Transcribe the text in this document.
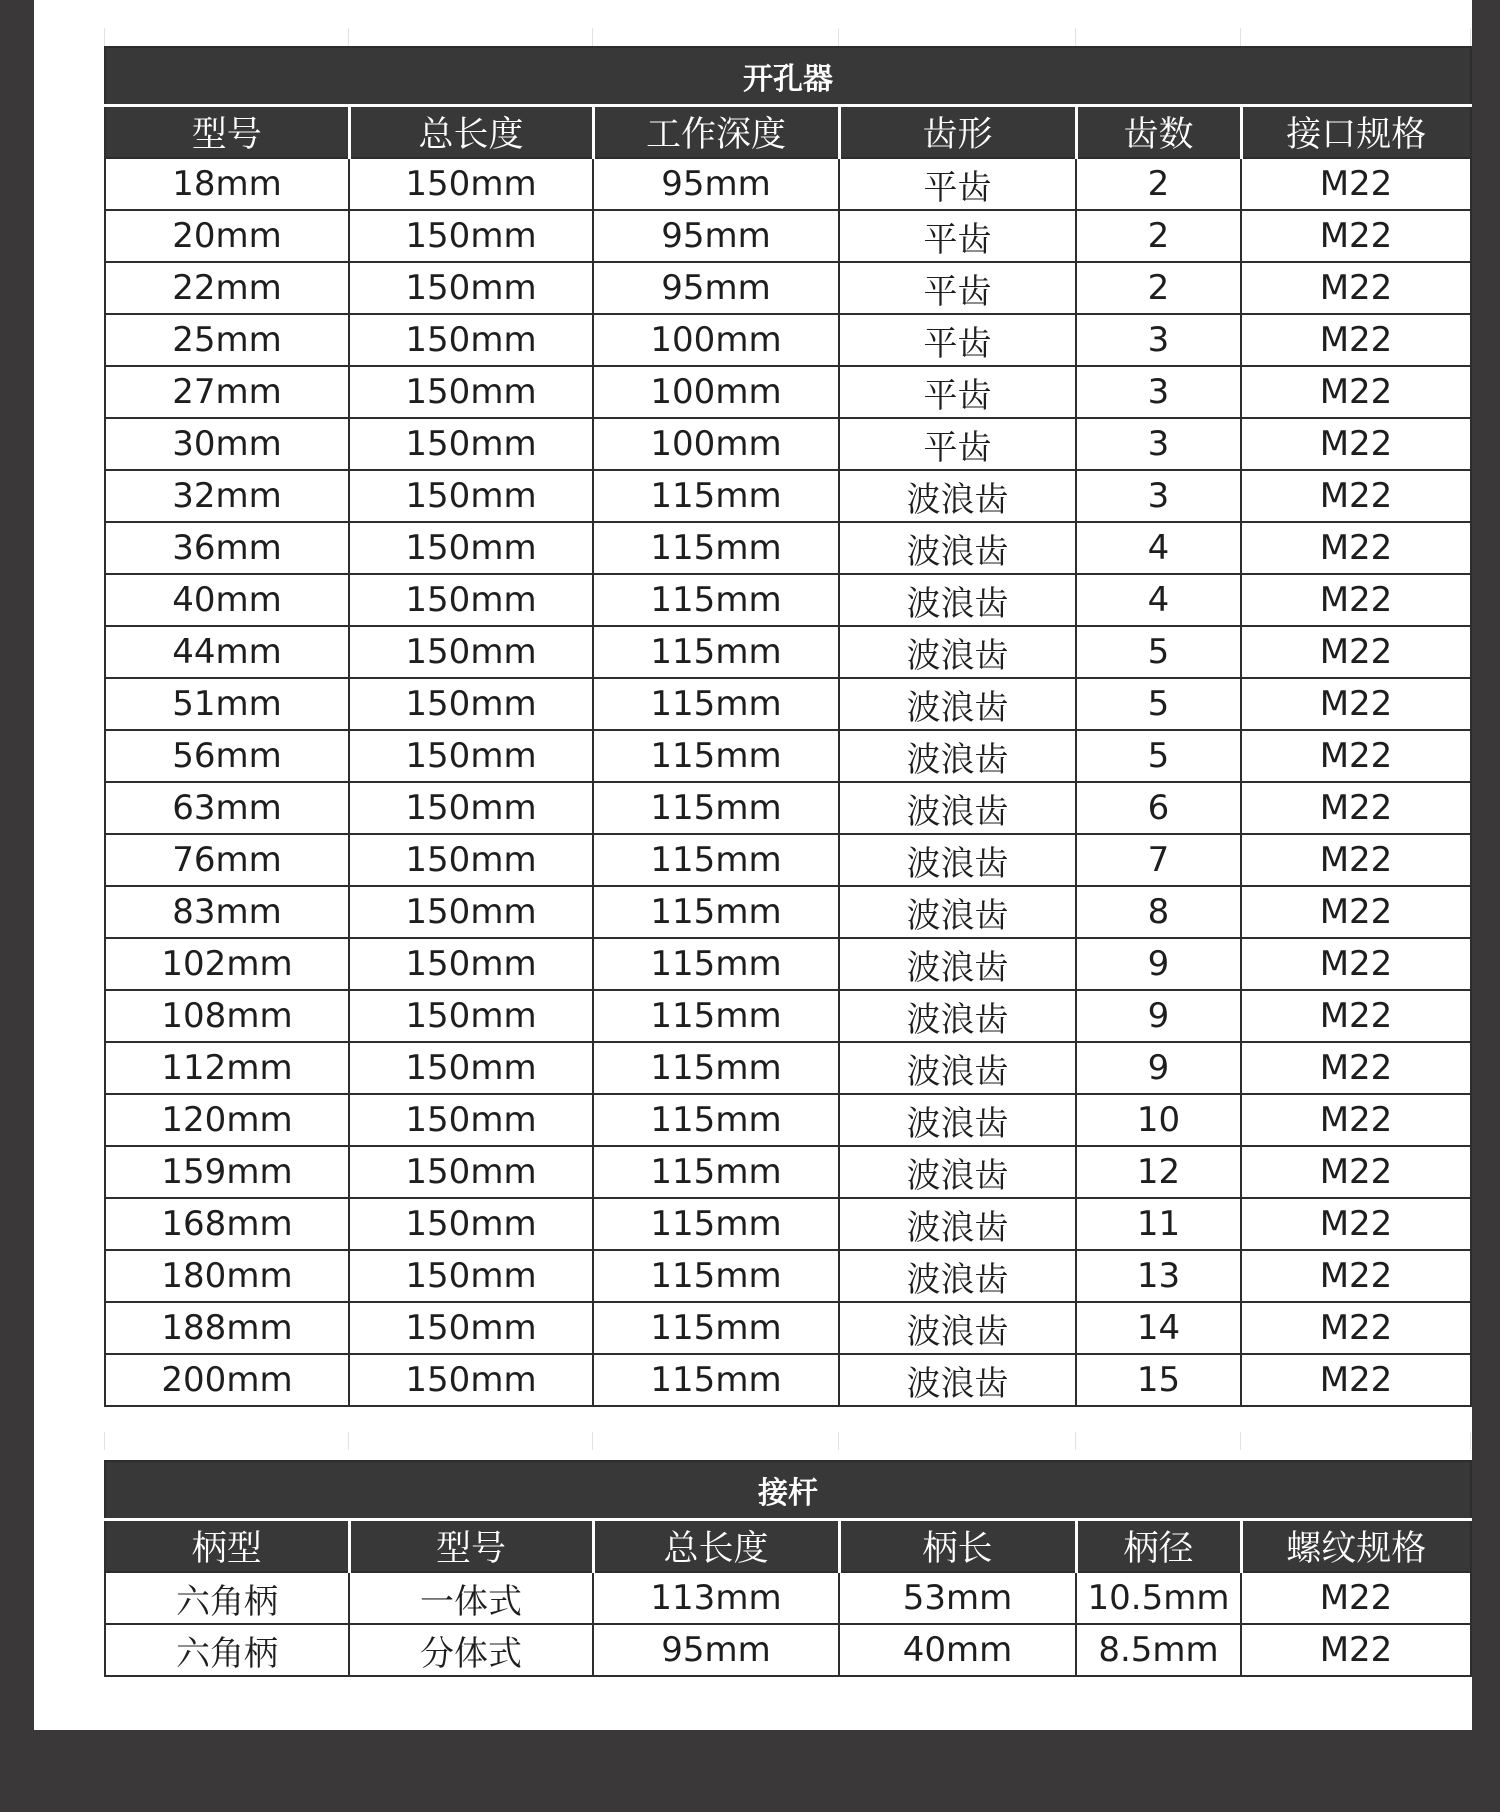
开孔器					
型号	总长度	工作深度	齿形	齿数	接口规格
18mm	150mm	95mm	平齿	2	M22
20mm	150mm	95mm	平齿	2	M22
22mm	150mm	95mm	平齿	2	M22
25mm	150mm	100mm	平齿	3	M22
27mm	150mm	100mm	平齿	3	M22
30mm	150mm	100mm	平齿	3	M22
32mm	150mm	115mm	波浪齿	3	M22
36mm	150mm	115mm	波浪齿	4	M22
40mm	150mm	115mm	波浪齿	4	M22
44mm	150mm	115mm	波浪齿	5	M22
51mm	150mm	115mm	波浪齿	5	M22
56mm	150mm	115mm	波浪齿	5	M22
63mm	150mm	115mm	波浪齿	6	M22
76mm	150mm	115mm	波浪齿	7	M22
83mm	150mm	115mm	波浪齿	8	M22
102mm	150mm	115mm	波浪齿	9	M22
108mm	150mm	115mm	波浪齿	9	M22
112mm	150mm	115mm	波浪齿	9	M22
120mm	150mm	115mm	波浪齿	10	M22
159mm	150mm	115mm	波浪齿	12	M22
168mm	150mm	115mm	波浪齿	11	M22
180mm	150mm	115mm	波浪齿	13	M22
188mm	150mm	115mm	波浪齿	14	M22
200mm	150mm	115mm	波浪齿	15	M22
接杆					
柄型	型号	总长度	柄长	柄径	螺纹规格
六角柄	一体式	113mm	53mm	10.5mm	M22
六角柄	分体式	95mm	40mm	8.5mm	M22
